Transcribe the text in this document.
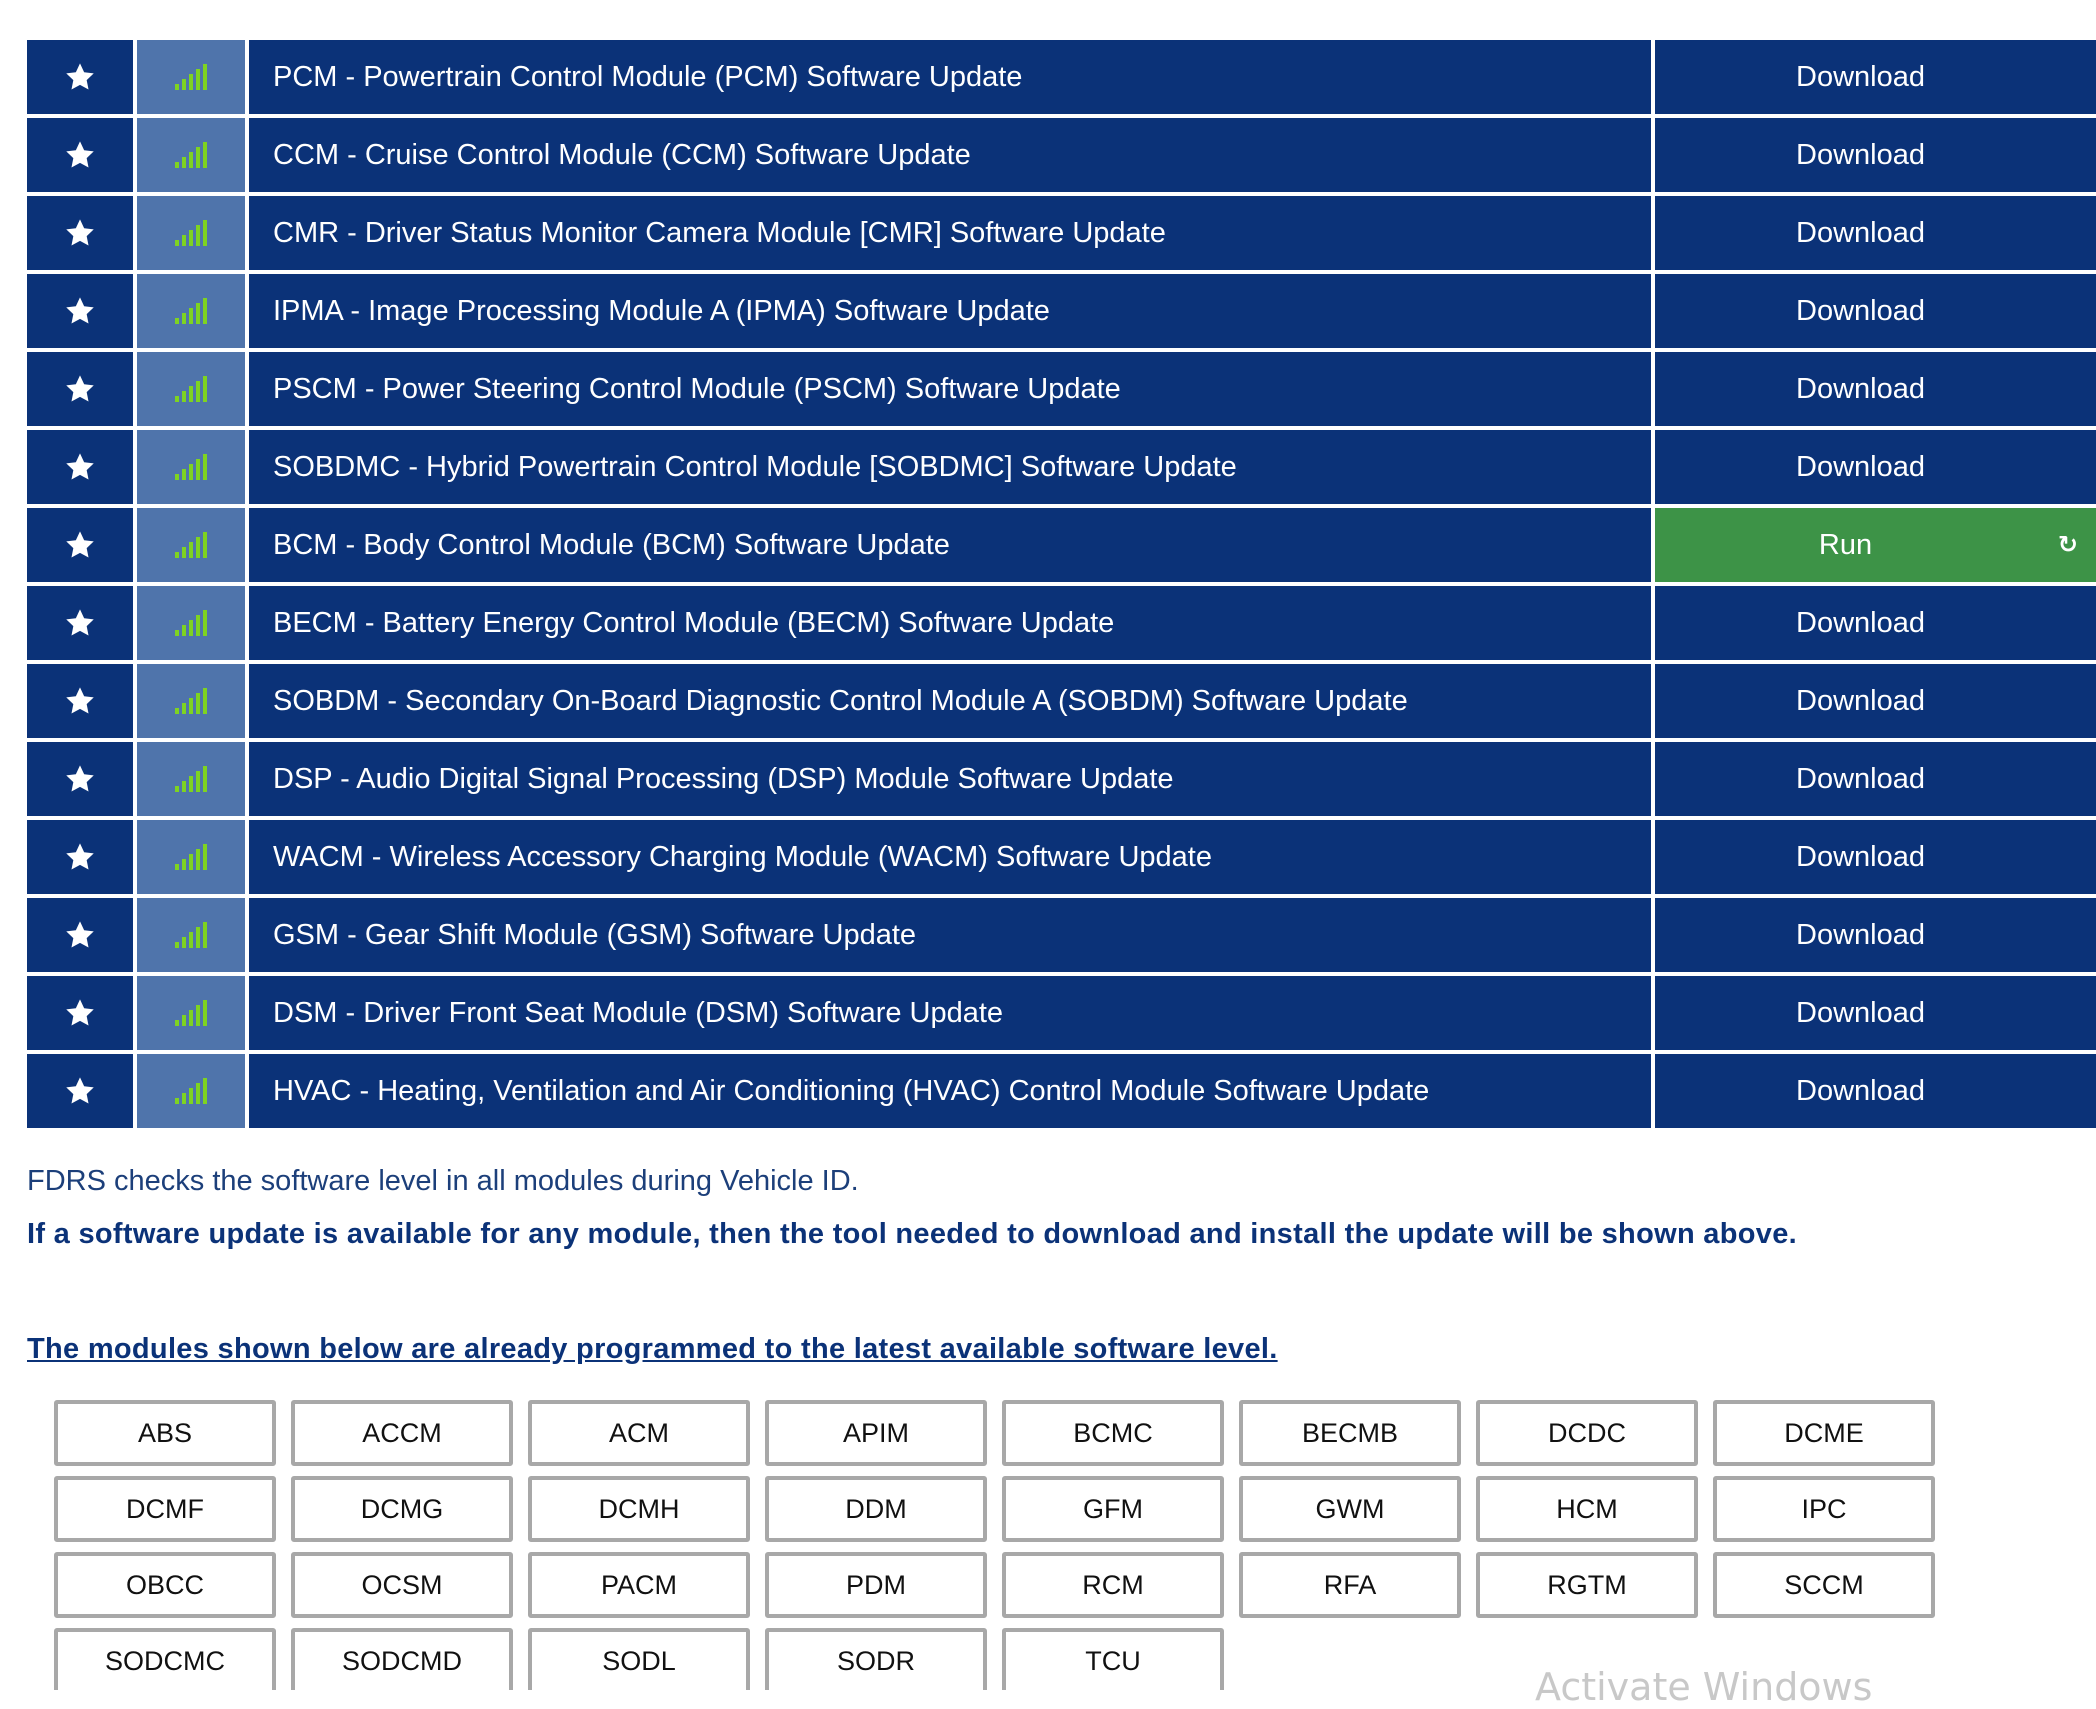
PCM - Powertrain Control Module (PCM) Software Update	Download
CCM - Cruise Control Module (CCM) Software Update	Download
CMR - Driver Status Monitor Camera Module [CMR] Software Update	Download
IPMA - Image Processing Module A (IPMA) Software Update	Download
PSCM - Power Steering Control Module (PSCM) Software Update	Download
SOBDMC - Hybrid Powertrain Control Module [SOBDMC] Software Update	Download
BCM - Body Control Module (BCM) Software Update	Run	↻
BECM - Battery Energy Control Module (BECM) Software Update	Download
SOBDM - Secondary On-Board Diagnostic Control Module A (SOBDM) Software Update	Download
DSP - Audio Digital Signal Processing (DSP) Module Software Update	Download
WACM - Wireless Accessory Charging Module (WACM) Software Update	Download
GSM - Gear Shift Module (GSM) Software Update	Download
DSM - Driver Front Seat Module (DSM) Software Update	Download
HVAC - Heating, Ventilation and Air Conditioning (HVAC) Control Module Software Update	Download
FDRS checks the software level in all modules during Vehicle ID.
If a software update is available for any module, then the tool needed to download and install the update will be shown above.
The modules shown below are already programmed to the latest available software level.
ABS	ACCM	ACM	APIM	BCMC	BECMB	DCDC	DCME
DCMF	DCMG	DCMH	DDM	GFM	GWM	HCM	IPC
OBCC	OCSM	PACM	PDM	RCM	RFA	RGTM	SCCM
SODCMC	SODCMD	SODL	SODR	TCU
Activate Windows
